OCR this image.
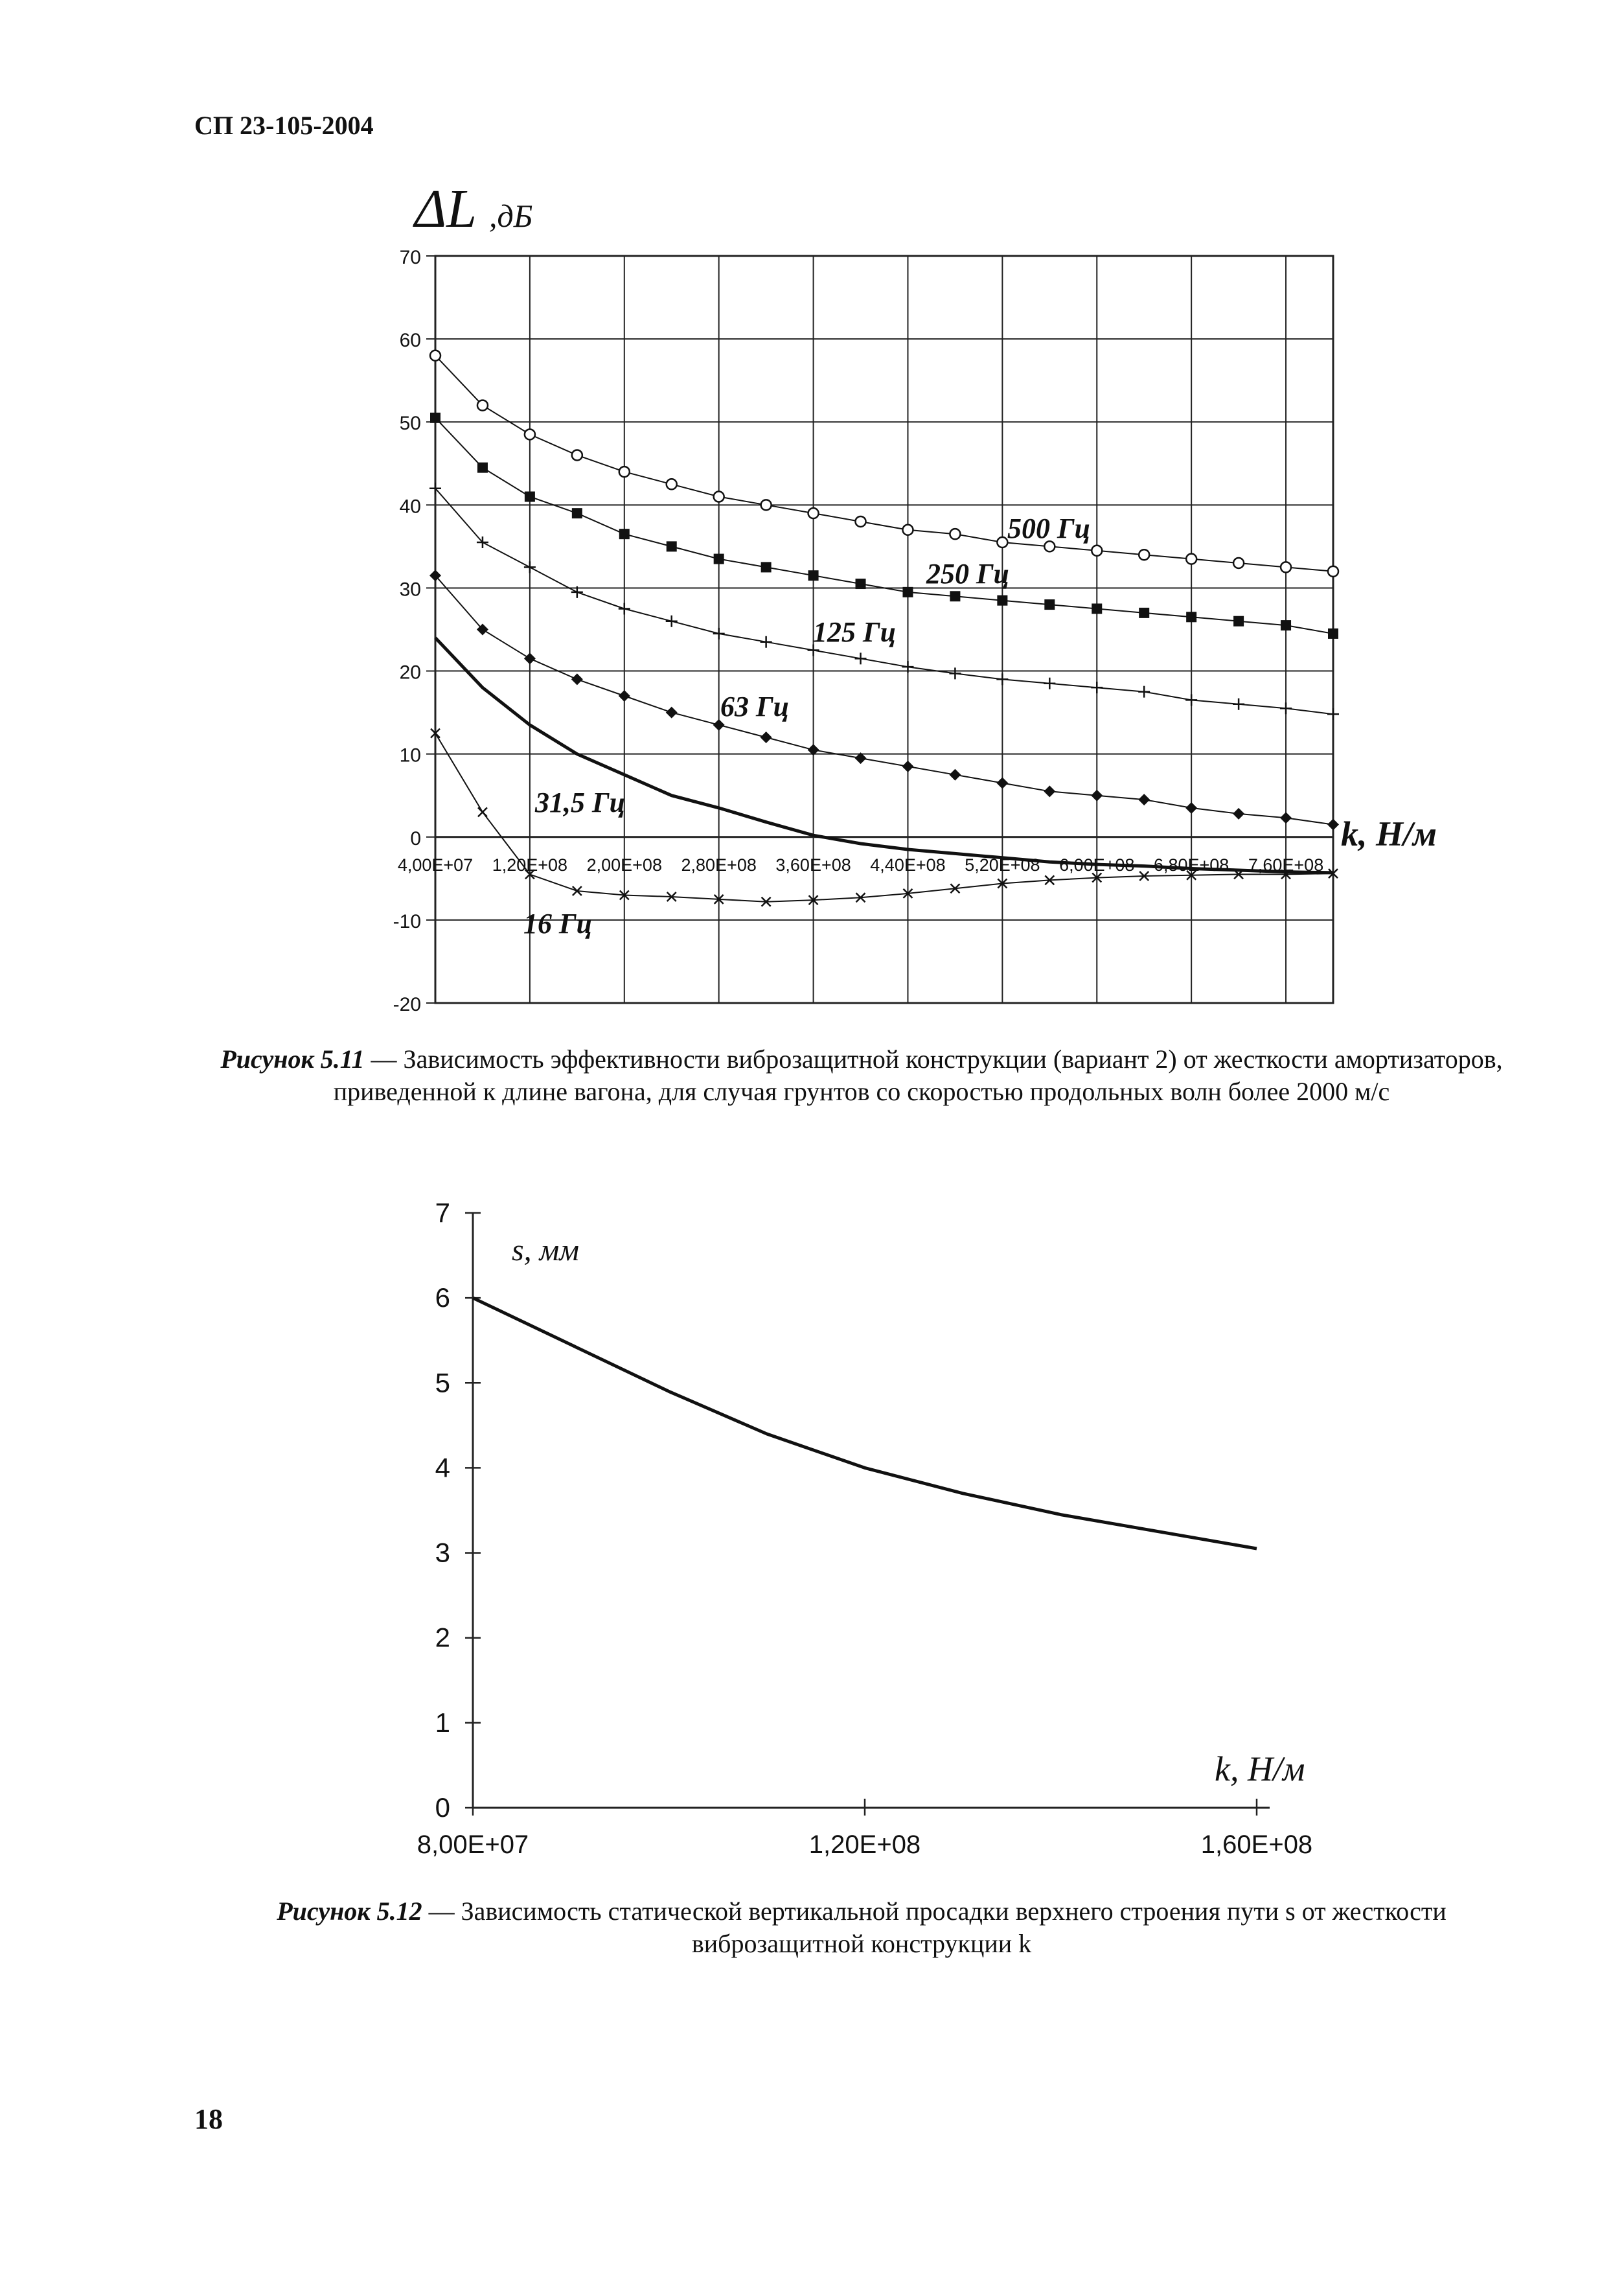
СП 23-105-2004
70
60
50
40
30
20
10
0
-10
-20
4,00E+07 1,20E+08 2,00E+08 2,80E+08 3,60E+08 4,40E+08 5,20E+08 6,00E+08 6,80E+08 7,60E+08
500 Гц
250 Гц
125 Гц
63 Гц
31,5 Гц
16 Гц
ΔL ,дБ
k, Н/м
Рисунок 5.11 — Зависимость эффективности виброзащитной конструкции (вариант 2) от жесткости амортизаторов, приведенной к длине вагона, для случая грунтов со скоростью продольных волн более 2000 м/с
7
6
5
4
3
2
1
0
8,00E+07	1,20E+08	1,60E+08
s, мм
k, Н/м
Рисунок 5.12 — Зависимость статической вертикальной просадки верхнего строения пути s от жесткости виброзащитной конструкции k
18
